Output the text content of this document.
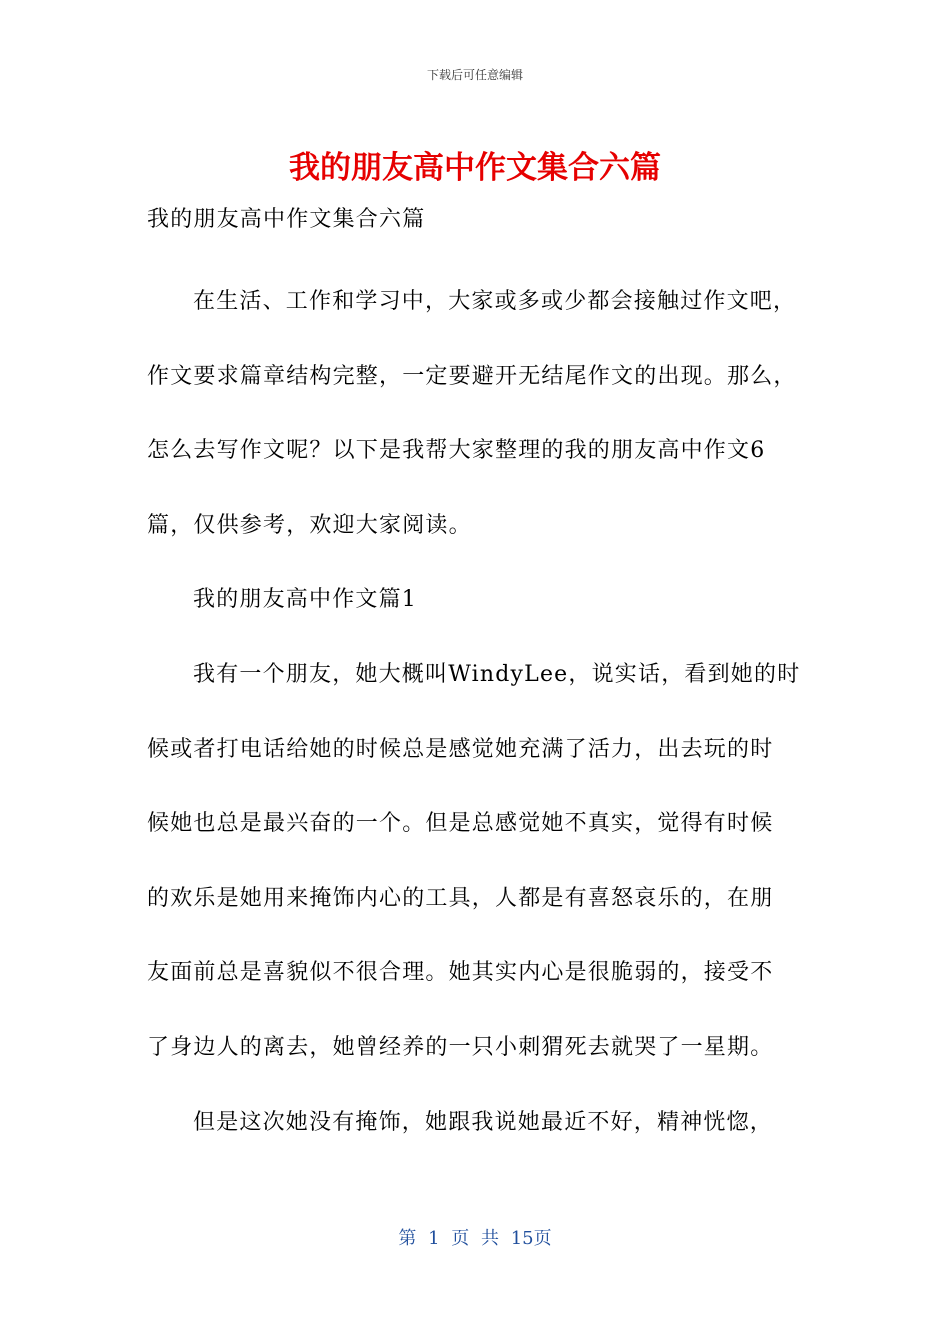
下载后可任意编辑
我的朋友高中作文集合六篇
我的朋友高中作文集合六篇
在生活、工作和学习中，大家或多或少都会接触过作文吧，
作文要求篇章结构完整，一定要避开无结尾作文的出现。那么，
怎么去写作文呢？以下是我帮大家整理的我的朋友高中作文6
篇，仅供参考，欢迎大家阅读。
我的朋友高中作文篇1
我有一个朋友，她大概叫WindyLee，说实话，看到她的时
候或者打电话给她的时候总是感觉她充满了活力，出去玩的时
候她也总是最兴奋的一个。但是总感觉她不真实，觉得有时候
的欢乐是她用来掩饰内心的工具，人都是有喜怒哀乐的，在朋
友面前总是喜貌似不很合理。她其实内心是很脆弱的，接受不
了身边人的离去，她曾经养的一只小刺猬死去就哭了一星期。
但是这次她没有掩饰，她跟我说她最近不好，精神恍惚，
第 1 页 共 15页
